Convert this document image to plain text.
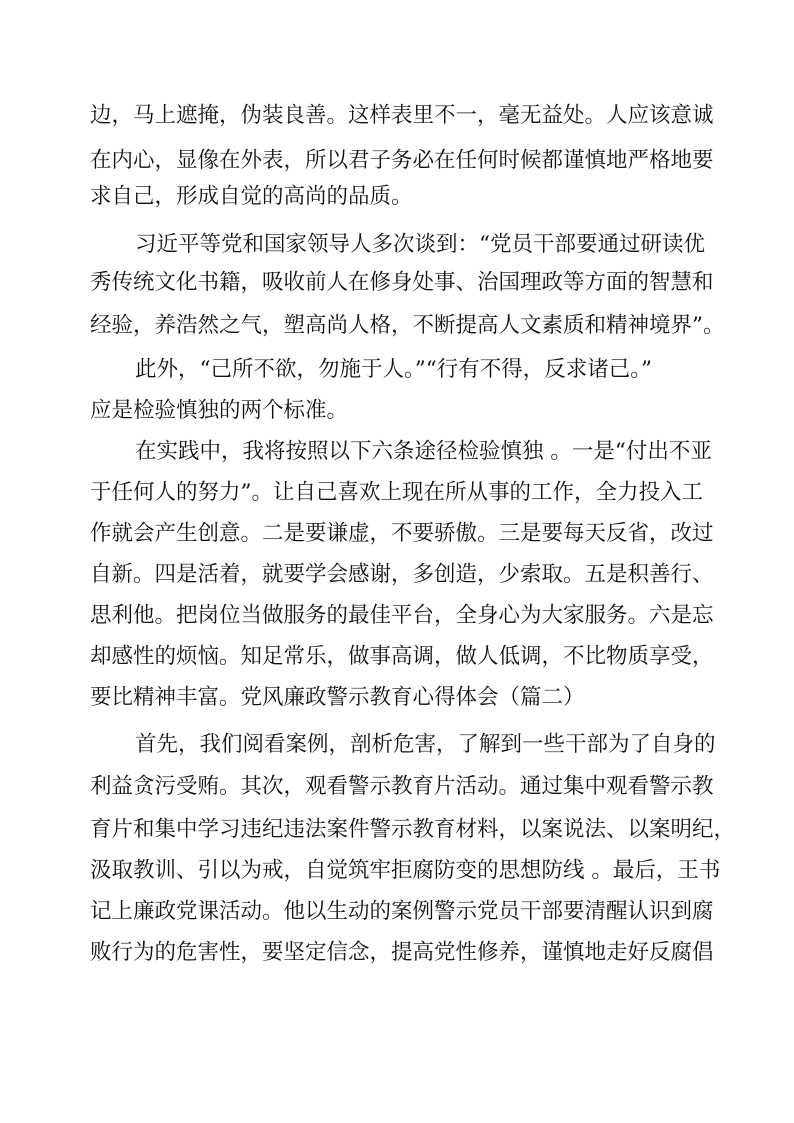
边，马上遮掩，伪装良善。这样表里不一，毫无益处。人应该意诚
在内心，显像在外表，所以君子务必在任何时候都谨慎地严格地要
求自己，形成自觉的高尚的品质。
习近平等党和国家领导人多次谈到：“党员干部要通过研读优
秀传统文化书籍，吸收前人在修身处事、治国理政等方面的智慧和
经验，养浩然之气，塑高尚人格，不断提高人文素质和精神境界”。
此外，“己所不欲，勿施于人。”“行有不得，反求诸己。”
应是检验慎独的两个标准。
在实践中，我将按照以下六条途径检验慎独 。一是“付出不亚
于任何人的努力”。让自己喜欢上现在所从事的工作，全力投入工
作就会产生创意。二是要谦虚，不要骄傲。三是要每天反省，改过
自新。四是活着，就要学会感谢，多创造，少索取。五是积善行、
思利他。把岗位当做服务的最佳平台，全身心为大家服务。六是忘
却感性的烦恼。知足常乐，做事高调，做人低调，不比物质享受，
要比精神丰富。党风廉政警示教育心得体会（篇二）
首先，我们阅看案例，剖析危害，了解到一些干部为了自身的
利益贪污受贿。其次，观看警示教育片活动。通过集中观看警示教
育片和集中学习违纪违法案件警示教育材料，以案说法、以案明纪，
汲取教训、引以为戒，自觉筑牢拒腐防变的思想防线 。最后，王书
记上廉政党课活动。他以生动的案例警示党员干部要清醒认识到腐
败行为的危害性，要坚定信念，提高党性修养，谨慎地走好反腐倡
